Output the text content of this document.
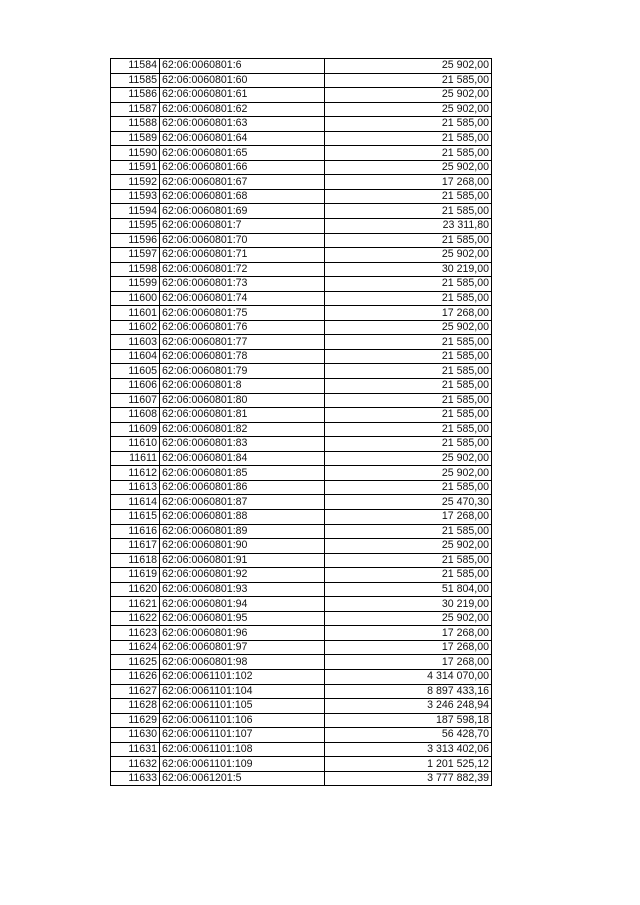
11584	62:06:0060801:6	25 902,00
11585	62:06:0060801:60	21 585,00
11586	62:06:0060801:61	25 902,00
11587	62:06:0060801:62	25 902,00
11588	62:06:0060801:63	21 585,00
11589	62:06:0060801:64	21 585,00
11590	62:06:0060801:65	21 585,00
11591	62:06:0060801:66	25 902,00
11592	62:06:0060801:67	17 268,00
11593	62:06:0060801:68	21 585,00
11594	62:06:0060801:69	21 585,00
11595	62:06:0060801:7	23 311,80
11596	62:06:0060801:70	21 585,00
11597	62:06:0060801:71	25 902,00
11598	62:06:0060801:72	30 219,00
11599	62:06:0060801:73	21 585,00
11600	62:06:0060801:74	21 585,00
11601	62:06:0060801:75	17 268,00
11602	62:06:0060801:76	25 902,00
11603	62:06:0060801:77	21 585,00
11604	62:06:0060801:78	21 585,00
11605	62:06:0060801:79	21 585,00
11606	62:06:0060801:8	21 585,00
11607	62:06:0060801:80	21 585,00
11608	62:06:0060801:81	21 585,00
11609	62:06:0060801:82	21 585,00
11610	62:06:0060801:83	21 585,00
11611	62:06:0060801:84	25 902,00
11612	62:06:0060801:85	25 902,00
11613	62:06:0060801:86	21 585,00
11614	62:06:0060801:87	25 470,30
11615	62:06:0060801:88	17 268,00
11616	62:06:0060801:89	21 585,00
11617	62:06:0060801:90	25 902,00
11618	62:06:0060801:91	21 585,00
11619	62:06:0060801:92	21 585,00
11620	62:06:0060801:93	51 804,00
11621	62:06:0060801:94	30 219,00
11622	62:06:0060801:95	25 902,00
11623	62:06:0060801:96	17 268,00
11624	62:06:0060801:97	17 268,00
11625	62:06:0060801:98	17 268,00
11626	62:06:0061101:102	4 314 070,00
11627	62:06:0061101:104	8 897 433,16
11628	62:06:0061101:105	3 246 248,94
11629	62:06:0061101:106	187 598,18
11630	62:06:0061101:107	56 428,70
11631	62:06:0061101:108	3 313 402,06
11632	62:06:0061101:109	1 201 525,12
11633	62:06:0061201:5	3 777 882,39
